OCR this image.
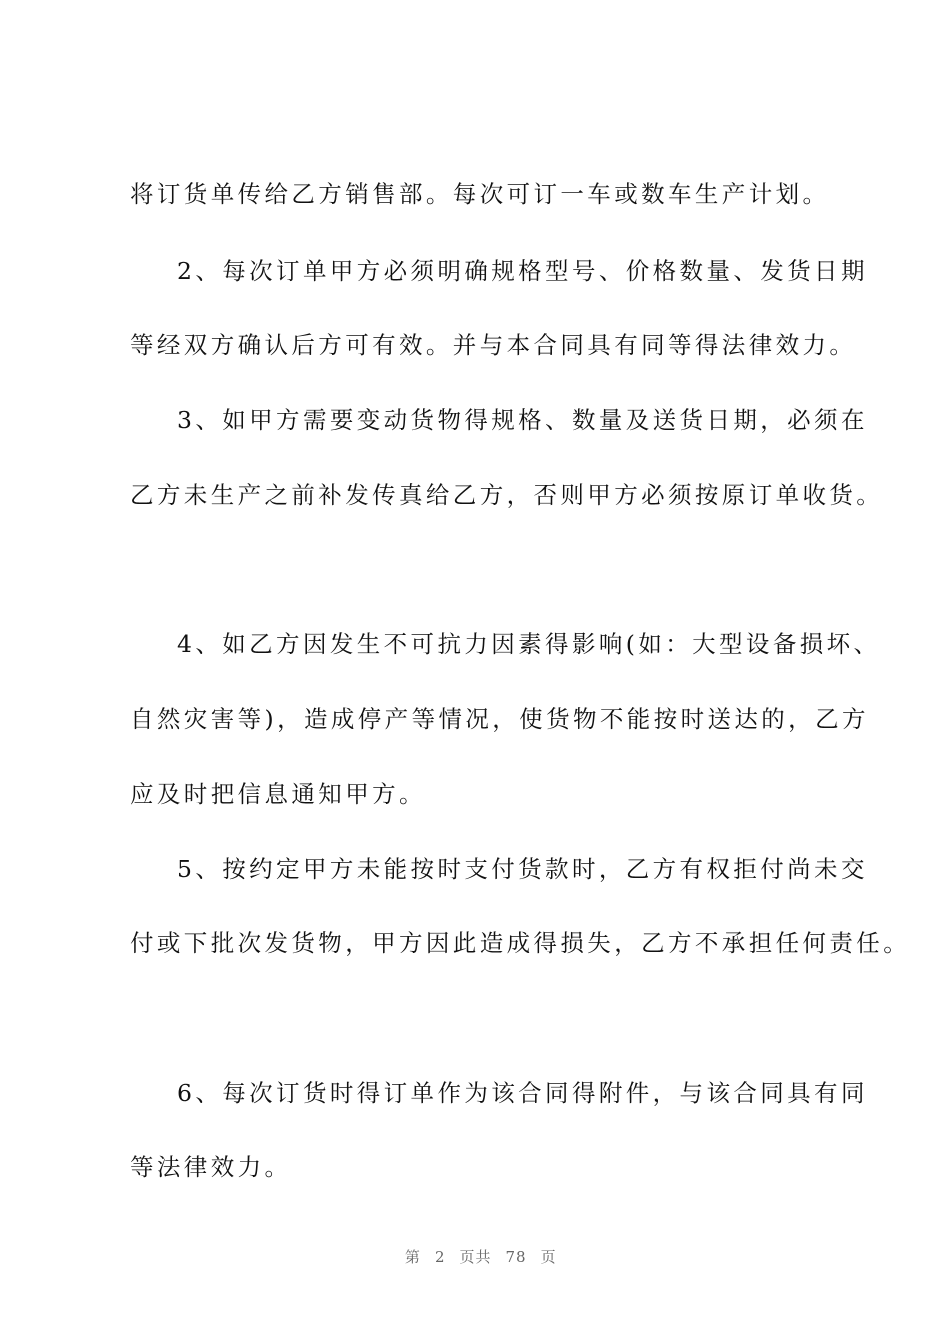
将订货单传给乙方销售部。每次可订一车或数车生产计划。
2、每次订单甲方必须明确规格型号、价格数量、发货日期
等经双方确认后方可有效。并与本合同具有同等得法律效力。
3、如甲方需要变动货物得规格、数量及送货日期，必须在
乙方未生产之前补发传真给乙方，否则甲方必须按原订单收货。
4、如乙方因发生不可抗力因素得影响(如：大型设备损坏、
自然灾害等)，造成停产等情况，使货物不能按时送达的，乙方
应及时把信息通知甲方。
5、按约定甲方未能按时支付货款时，乙方有权拒付尚未交
付或下批次发货物，甲方因此造成得损失，乙方不承担任何责任。
6、每次订货时得订单作为该合同得附件，与该合同具有同
等法律效力。

第 2 页共 78 页
